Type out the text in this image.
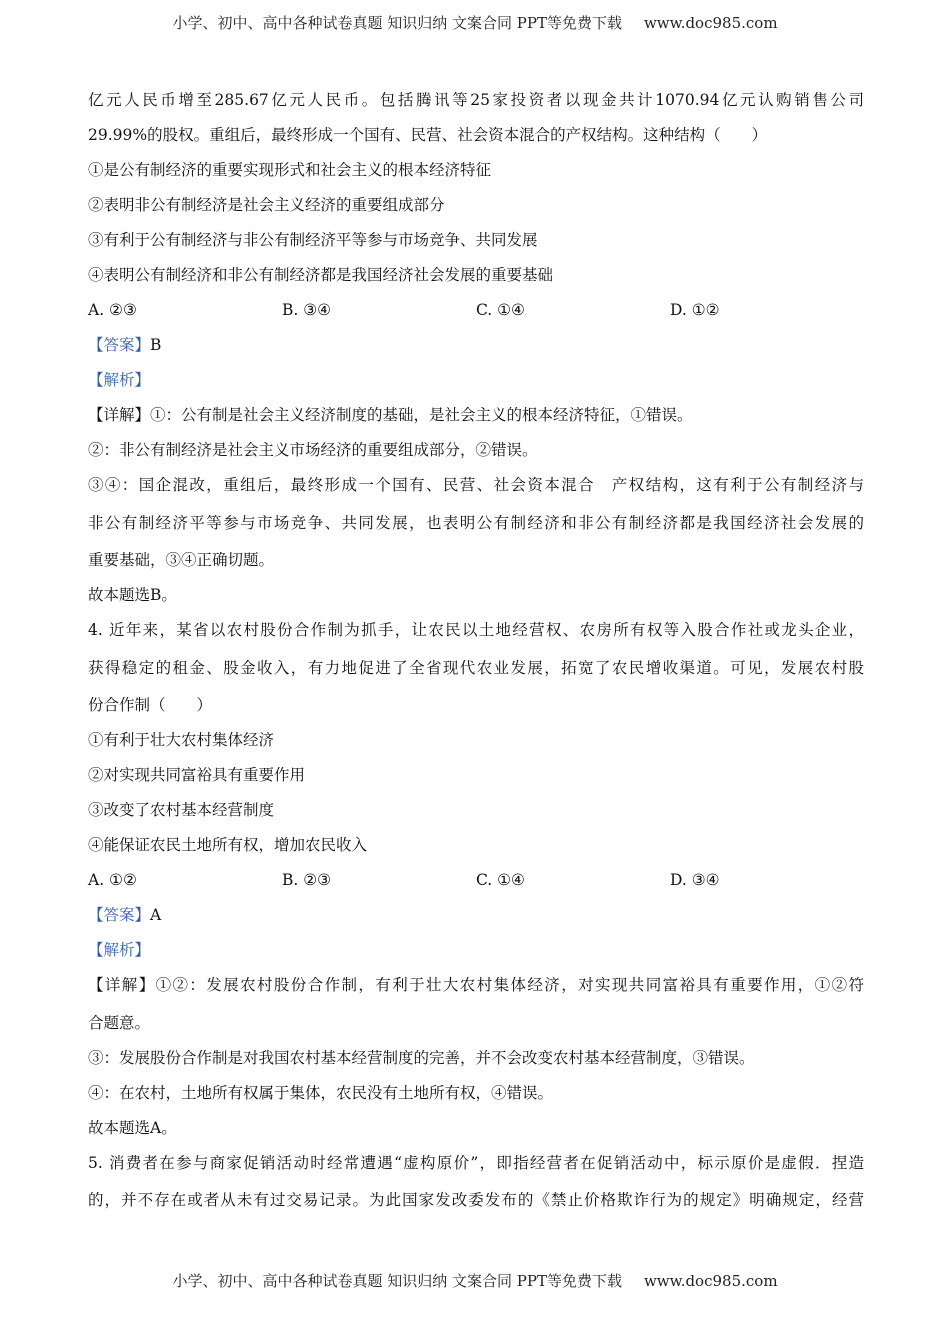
小学、初中、高中各种试卷真题 知识归纳 文案合同 PPT等免费下载 www.doc985.com
亿元人民币增至285.67亿元人民币。包括腾讯等25家投资者以现金共计1070.94亿元认购销售公司
29.99%的股权。重组后，最终形成一个国有、民营、社会资本混合的产权结构。这种结构（　　）
①是公有制经济的重要实现形式和社会主义的根本经济特征
②表明非公有制经济是社会主义经济的重要组成部分
③有利于公有制经济与非公有制经济平等参与市场竞争、共同发展
④表明公有制经济和非公有制经济都是我国经济社会发展的重要基础
A. ②③	B. ③④	C. ①④	D. ①②
【答案】B
【解析】
【详解】①：公有制是社会主义经济制度的基础，是社会主义的根本经济特征，①错误。
②：非公有制经济是社会主义市场经济的重要组成部分，②错误。
③④：国企混改，重组后，最终形成一个国有、民营、社会资本混合　产权结构，这有利于公有制经济与
非公有制经济平等参与市场竞争、共同发展，也表明公有制经济和非公有制经济都是我国经济社会发展的
重要基础，③④正确切题。
故本题选B。
4. 近年来，某省以农村股份合作制为抓手，让农民以土地经营权、农房所有权等入股合作社或龙头企业，
获得稳定的租金、股金收入，有力地促进了全省现代农业发展，拓宽了农民增收渠道。可见，发展农村股
份合作制（　　）
①有利于壮大农村集体经济
②对实现共同富裕具有重要作用
③改变了农村基本经营制度
④能保证农民土地所有权，增加农民收入
A. ①②	B. ②③	C. ①④	D. ③④
【答案】A
【解析】
【详解】①②：发展农村股份合作制，有利于壮大农村集体经济，对实现共同富裕具有重要作用，①②符
合题意。
③：发展股份合作制是对我国农村基本经营制度的完善，并不会改变农村基本经营制度，③错误。
④：在农村，土地所有权属于集体，农民没有土地所有权，④错误。
故本题选A。
5. 消费者在参与商家促销活动时经常遭遇“虚构原价”，即指经营者在促销活动中，标示原价是虚假．捏造
的，并不存在或者从未有过交易记录。为此国家发改委发布的《禁止价格欺诈行为的规定》明确规定，经营
小学、初中、高中各种试卷真题 知识归纳 文案合同 PPT等免费下载 www.doc985.com
